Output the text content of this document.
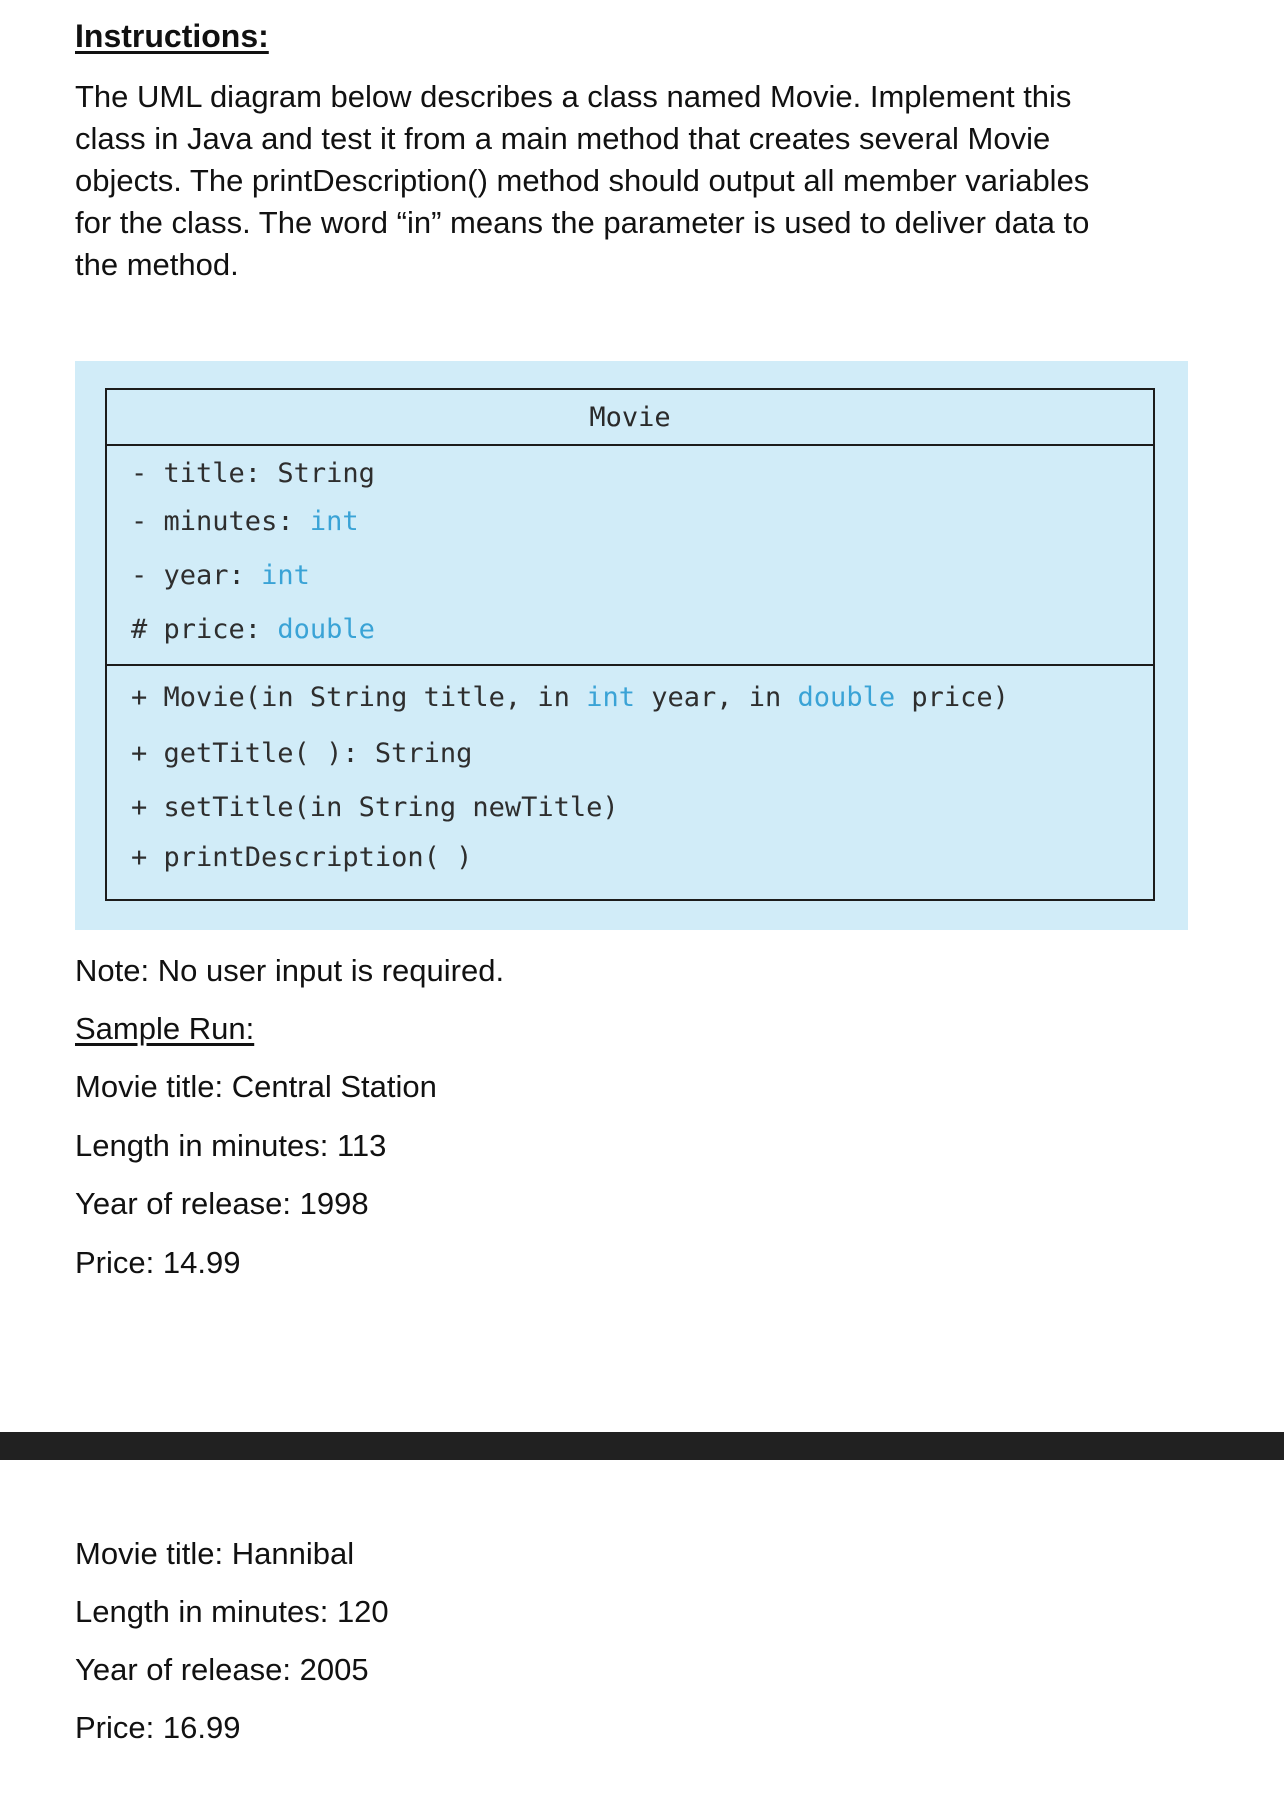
Instructions:

The UML diagram below describes a class named Movie. Implement this
class in Java and test it from a main method that creates several Movie
objects. The printDescription() method should output all member variables
for the class. The word “in” means the parameter is used to deliver data to
the method.

Movie
- title: String
- minutes: int
- year: int
# price: double
+ Movie(in String title, in int year, in double price)
+ getTitle( ): String
+ setTitle(in String newTitle)
+ printDescription( )
Note: No user input is required.
Sample Run:
Movie title: Central Station
Length in minutes: 113
Year of release: 1998
Price: 14.99
Movie title: Hannibal
Length in minutes: 120
Year of release: 2005
Price: 16.99
